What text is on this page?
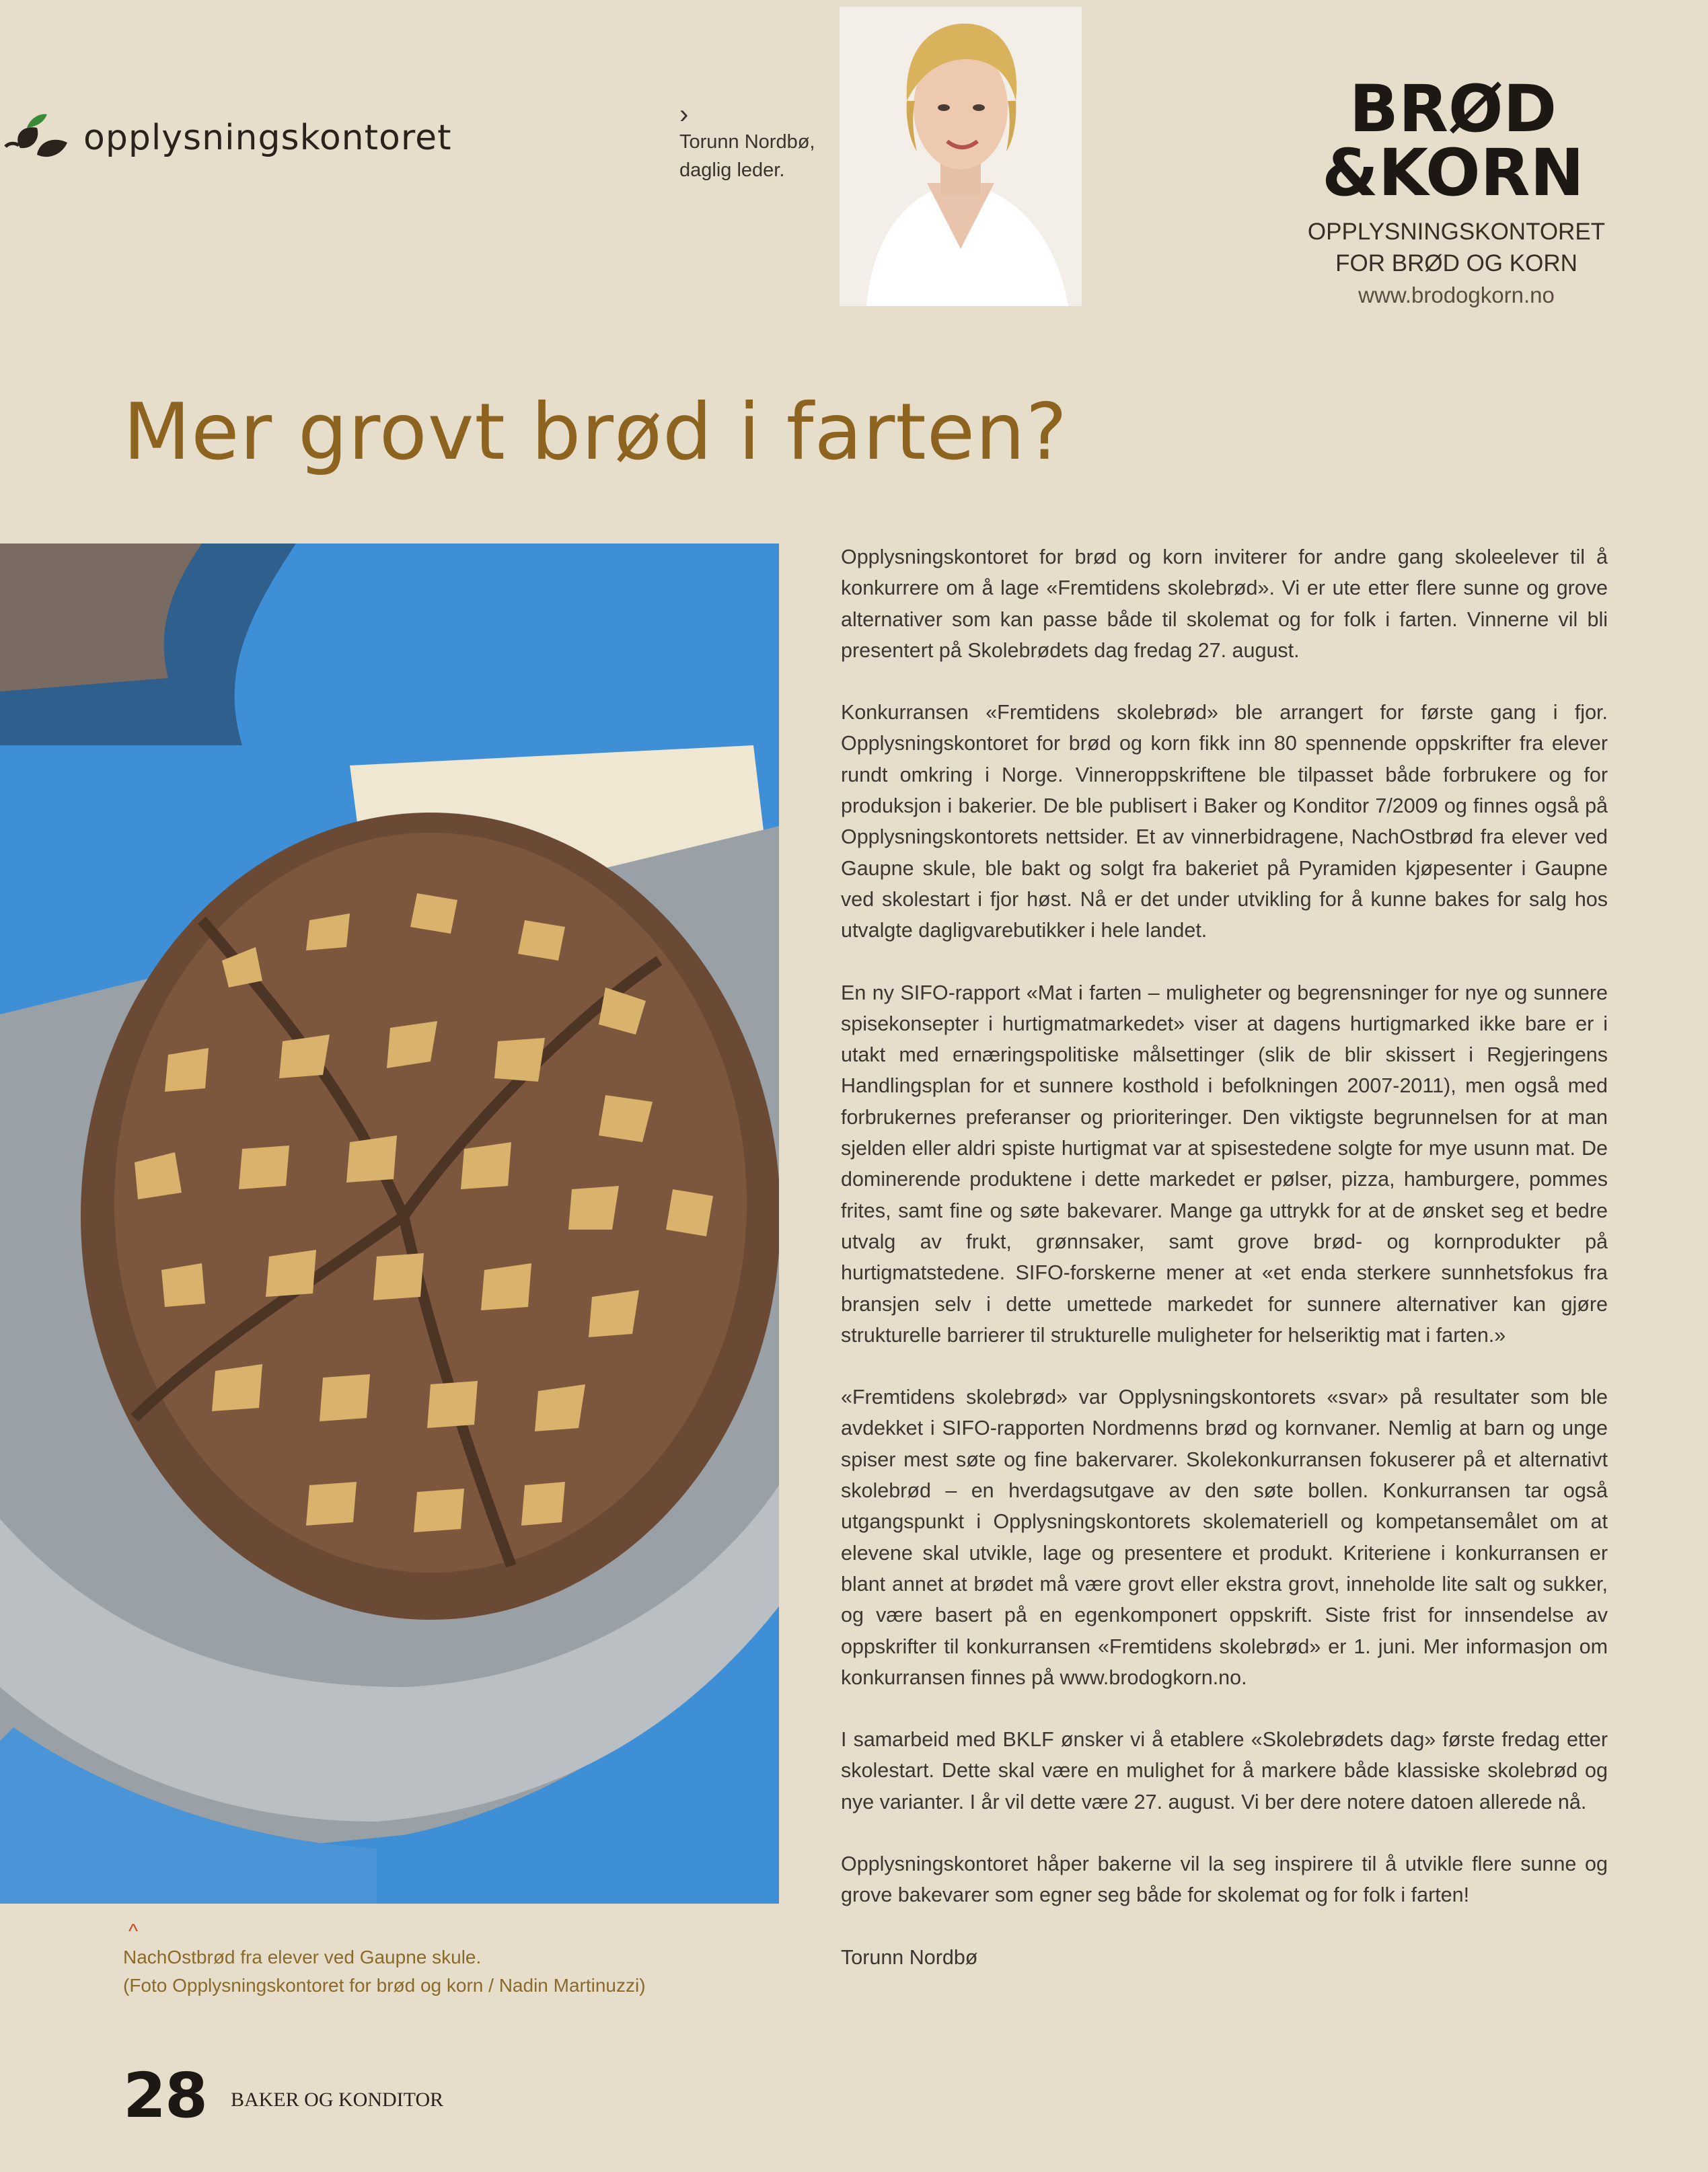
opplysningskontoret
›
Torunn Nordbø,
daglig leder.
BRØD
&KORN
OPPLYSNINGSKONTORET
FOR BRØD OG KORN
www.brodogkorn.no
Mer grovt brød i farten?
^
NachOstbrød fra elever ved Gaupne skule.
(Foto Opplysningskontoret for brød og korn / Nadin Martinuzzi)

Opplysningskontoret for brød og korn inviterer for andre gang skoleelever til å konkurrere om å lage «Fremtidens skolebrød». Vi er ute etter flere sunne og grove alternativer som kan passe både til skolemat og for folk i farten. Vinnerne vil bli presentert på Skolebrødets dag fredag 27. august.

Konkurransen «Fremtidens skolebrød» ble arrangert for første gang i fjor. Opplysningskontoret for brød og korn fikk inn 80 spennende oppskrifter fra elever rundt omkring i Norge. Vinneroppskriftene ble tilpasset både forbrukere og for produksjon i bakerier. De ble publisert i Baker og Konditor 7/2009 og finnes også på Opplysningskontorets nettsider. Et av vinnerbidragene, NachOstbrød fra elever ved Gaupne skule, ble bakt og solgt fra bakeriet på Pyramiden kjøpesenter i Gaupne ved skolestart i fjor høst. Nå er det under utvikling for å kunne bakes for salg hos utvalgte dagligvarebutikker i hele landet.

En ny SIFO-rapport «Mat i farten – muligheter og begrensninger for nye og sunnere spisekonsepter i hurtigmatmarkedet» viser at dagens hurtigmarked ikke bare er i utakt med ernæringspolitiske målsettinger (slik de blir skissert i Regjeringens Handlingsplan for et sunnere kosthold i befolkningen 2007-2011), men også med forbrukernes preferanser og prioriteringer. Den viktigste begrunnelsen for at man sjelden eller aldri spiste hurtigmat var at spisestedene solgte for mye usunn mat. De dominerende produktene i dette markedet er pølser, pizza, hamburgere, pommes frites, samt fine og søte bakevarer. Mange ga uttrykk for at de ønsket seg et bedre utvalg av frukt, grønnsaker, samt grove brød- og kornprodukter på hurtigmatstedene. SIFO-forskerne mener at «et enda sterkere sunnhetsfokus fra bransjen selv i dette umettede markedet for sunnere alternativer kan gjøre strukturelle barrierer til strukturelle muligheter for helseriktig mat i farten.»

«Fremtidens skolebrød» var Opplysningskontorets «svar» på resultater som ble avdekket i SIFO-rapporten Nordmenns brød og kornvaner. Nemlig at barn og unge spiser mest søte og fine bakervarer. Skolekonkurransen fokuserer på et alternativt skolebrød – en hverdagsutgave av den søte bollen. Konkurransen tar også utgangspunkt i Opplysningskontorets skolemateriell og kompetansemålet om at elevene skal utvikle, lage og presentere et produkt. Kriteriene i konkurransen er blant annet at brødet må være grovt eller ekstra grovt, inneholde lite salt og sukker, og være basert på en egenkomponert oppskrift. Siste frist for innsendelse av oppskrifter til konkurransen «Fremtidens skolebrød» er 1. juni. Mer informasjon om konkurransen finnes på www.brodogkorn.no.

I samarbeid med BKLF ønsker vi å etablere «Skolebrødets dag» første fredag etter skolestart. Dette skal være en mulighet for å markere både klassiske skolebrød og nye varianter. I år vil dette være 27. august. Vi ber dere notere datoen allerede nå.

Opplysningskontoret håper bakerne vil la seg inspirere til å utvikle flere sunne og grove bakevarer som egner seg både for skolemat og for folk i farten!

Torunn Nordbø

28 BAKER OG KONDITOR
